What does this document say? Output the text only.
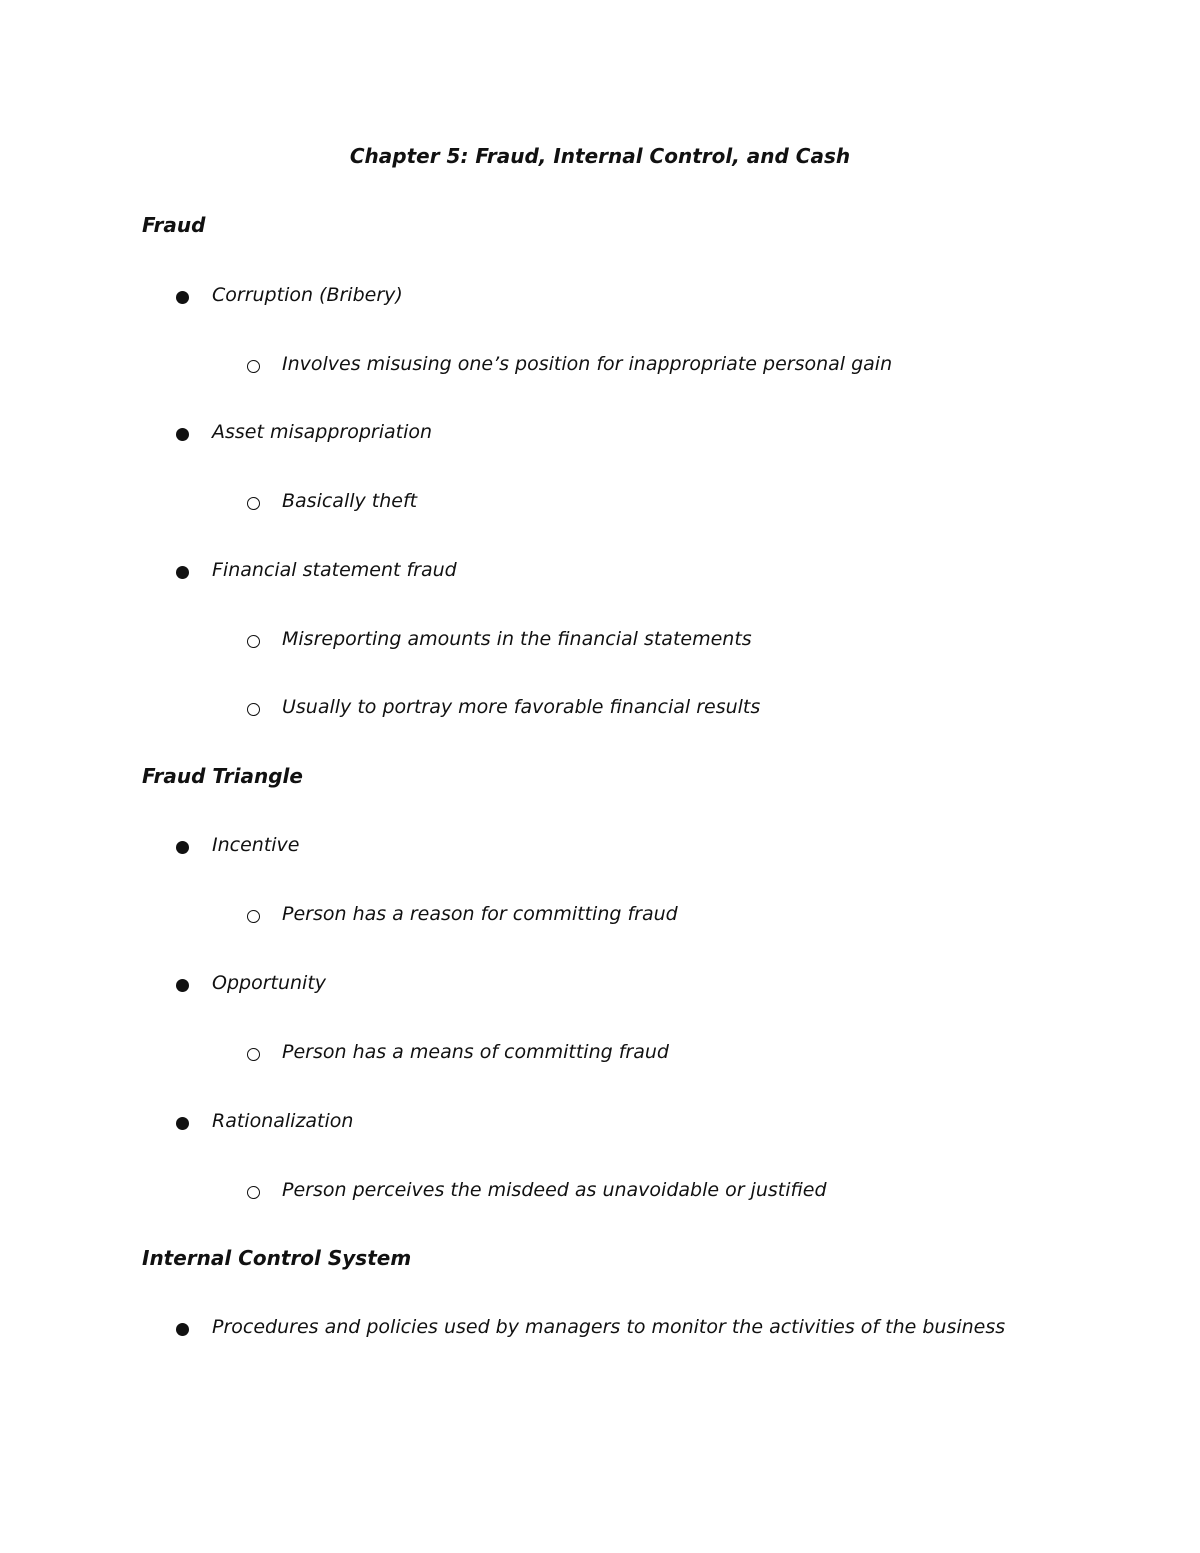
Chapter 5: Fraud, Internal Control, and Cash
Fraud
Corruption (Bribery)
Involves misusing one’s position for inappropriate personal gain
Asset misappropriation
Basically theft
Financial statement fraud
Misreporting amounts in the financial statements
Usually to portray more favorable financial results
Fraud Triangle
Incentive
Person has a reason for committing fraud
Opportunity
Person has a means of committing fraud
Rationalization
Person perceives the misdeed as unavoidable or justified
Internal Control System
Procedures and policies used by managers to monitor the activities of the business
